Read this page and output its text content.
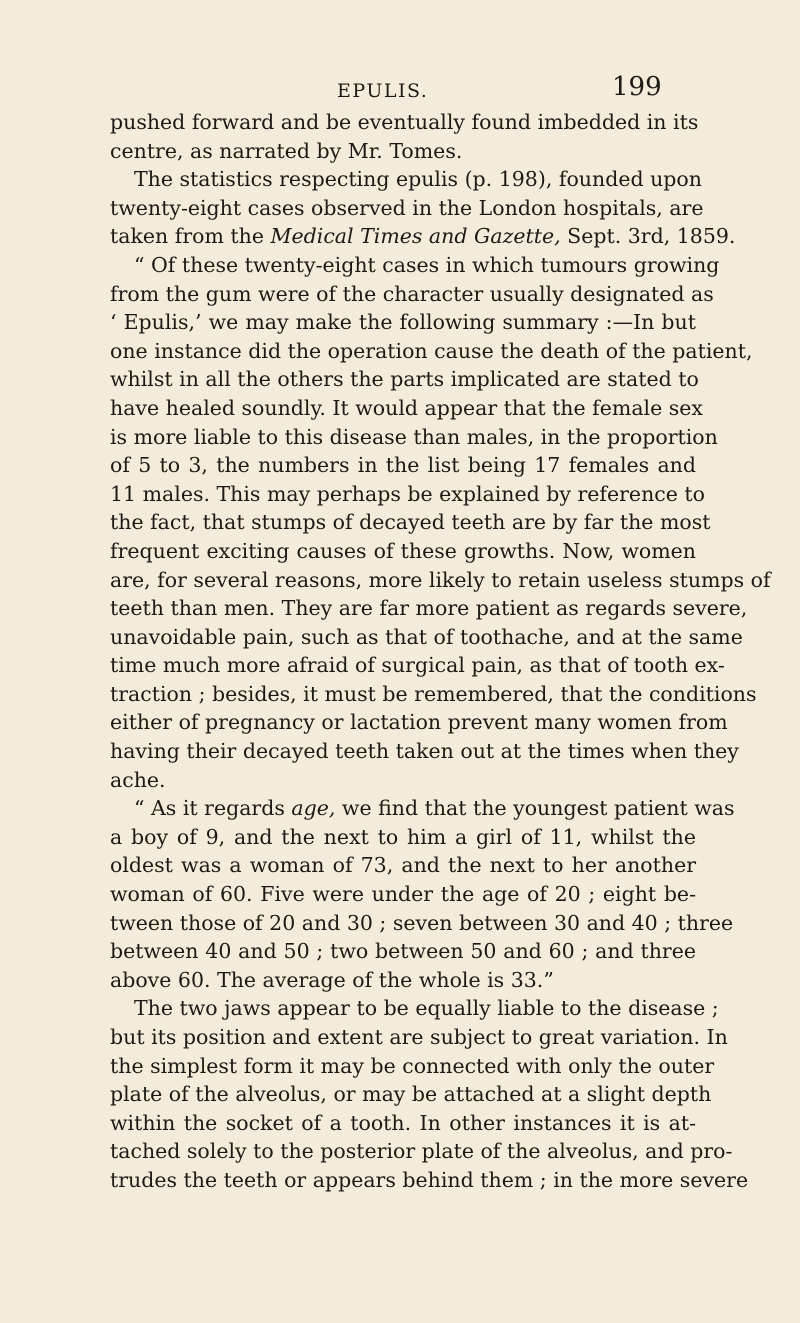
EPULIS.	199
pushed forward and be eventually found imbedded in its
centre, as narrated by Mr. Tomes.
The statistics respecting epulis (p. 198), founded upon
twenty-eight cases observed in the London hospitals, are
taken from the Medical Times and Gazette, Sept. 3rd, 1859.
“ Of these twenty-eight cases in which tumours growing
from the gum were of the character usually designated as
‘ Epulis,’ we may make the following summary :—In but
one instance did the operation cause the death of the patient,
whilst in all the others the parts implicated are stated to
have healed soundly. It would appear that the female sex
is more liable to this disease than males, in the proportion
of 5 to 3, the numbers in the list being 17 females and
11 males. This may perhaps be explained by reference to
the fact, that stumps of decayed teeth are by far the most
frequent exciting causes of these growths. Now, women
are, for several reasons, more likely to retain useless stumps of
teeth than men. They are far more patient as regards severe,
unavoidable pain, such as that of toothache, and at the same
time much more afraid of surgical pain, as that of tooth ex-
traction ; besides, it must be remembered, that the conditions
either of pregnancy or lactation prevent many women from
having their decayed teeth taken out at the times when they
ache.
“ As it regards age, we find that the youngest patient was
a boy of 9, and the next to him a girl of 11, whilst the
oldest was a woman of 73, and the next to her another
woman of 60. Five were under the age of 20 ; eight be-
tween those of 20 and 30 ; seven between 30 and 40 ; three
between 40 and 50 ; two between 50 and 60 ; and three
above 60. The average of the whole is 33.”
The two jaws appear to be equally liable to the disease ;
but its position and extent are subject to great variation. In
the simplest form it may be connected with only the outer
plate of the alveolus, or may be attached at a slight depth
within the socket of a tooth. In other instances it is at-
tached solely to the posterior plate of the alveolus, and pro-
trudes the teeth or appears behind them ; in the more severe
